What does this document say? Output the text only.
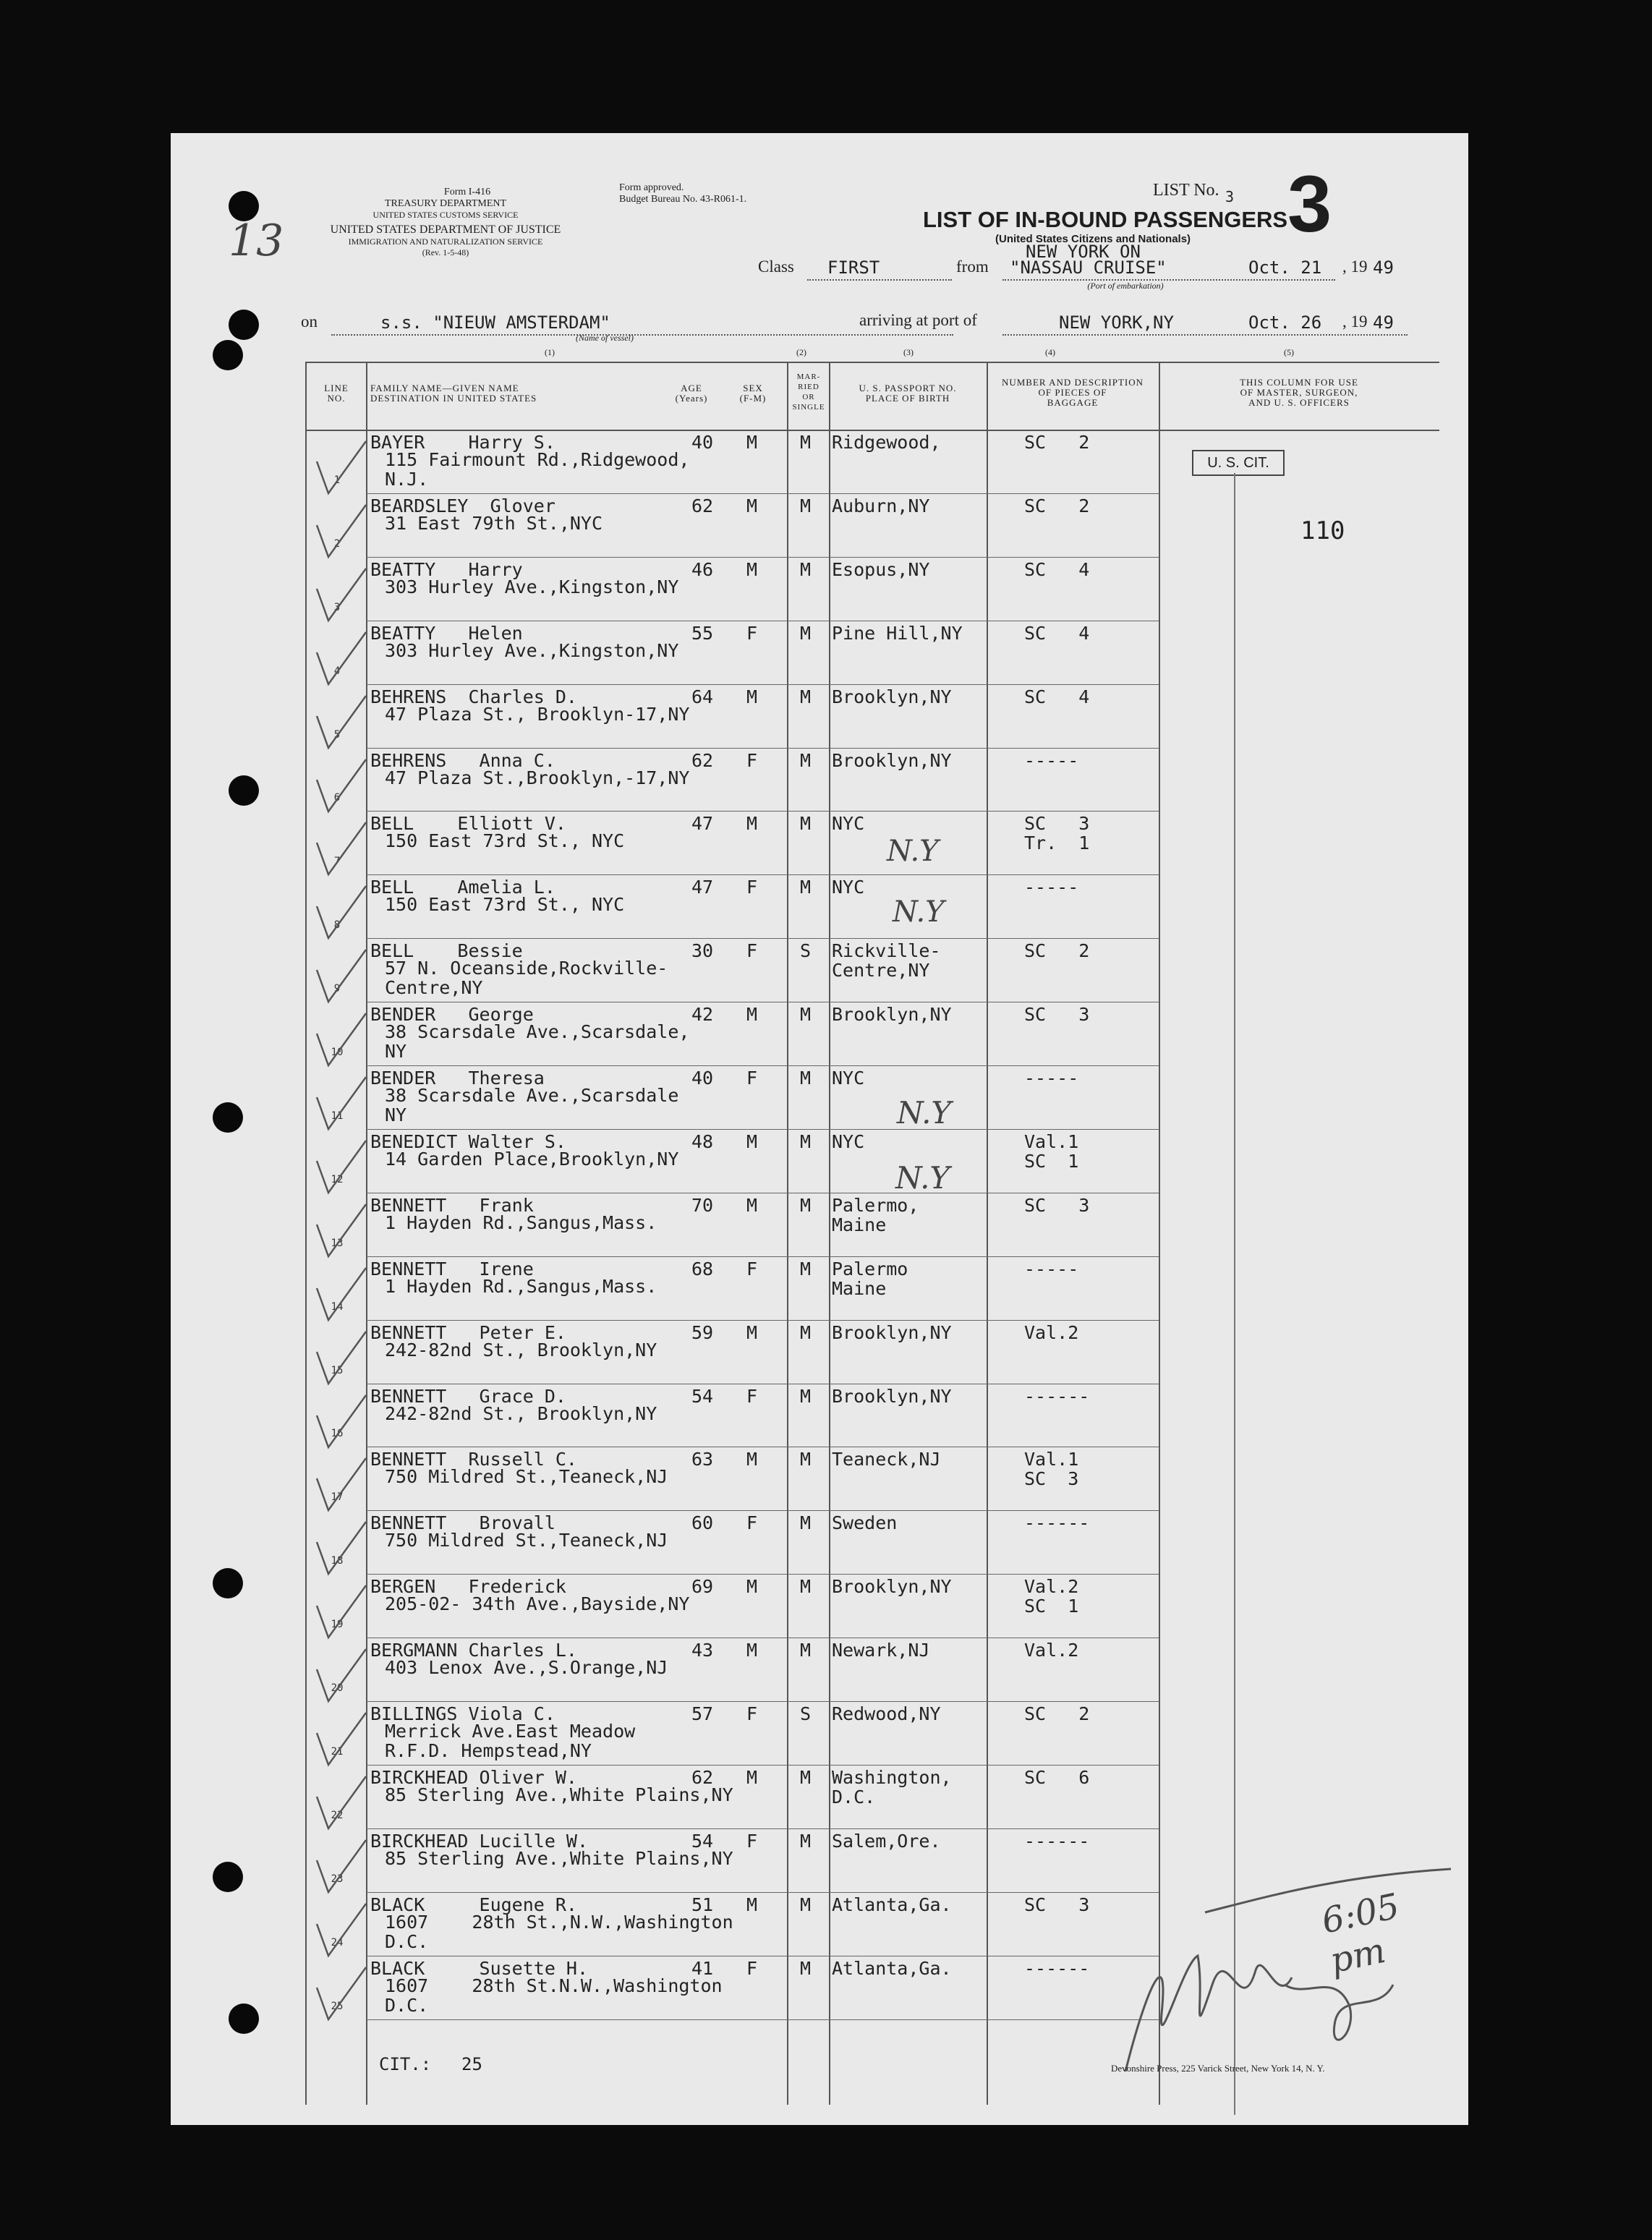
13
Form I-416
TREASURY DEPARTMENT
UNITED STATES CUSTOMS SERVICE
UNITED STATES DEPARTMENT OF JUSTICE
IMMIGRATION AND NATURALIZATION SERVICE
(Rev. 1-5-48)
Form approved.
Budget Bureau No. 43-R061-1.
LIST OF IN-BOUND PASSENGERS
(United States Citizens and Nationals)
LIST No. 3 3
Class FIRST	from
NEW YORK ON
"NASSAU CRUISE"
(Port of embarkation)
Oct. 21 , 19 49
on	s.s. "NIEUW AMSTERDAM"
(Name of vessel)
arriving at port of	NEW YORK,NY	Oct. 26 , 19 49
(1)	(2)	(3)	(4)	(5)
LINE
NO.
FAMILY NAME—GIVEN NAME
DESTINATION IN UNITED STATES
AGE
(Years)
SEX
(F-M)
MAR-
RIED
OR
SINGLE
U. S. PASSPORT NO.
PLACE OF BIRTH
NUMBER AND DESCRIPTION
OF PIECES OF
BAGGAGE
THIS COLUMN FOR USE
OF MASTER, SURGEON,
AND U. S. OFFICERS
1
BAYER    Harry S.
115 Fairmount Rd.,Ridgewood,
N.J.
40 M M Ridgewood,	SC   2
2
BEARDSLEY  Glover
31 East 79th St.,NYC
62 M M Auburn,NY	SC   2
3
BEATTY   Harry
303 Hurley Ave.,Kingston,NY
46 M M Esopus,NY	SC   4
4
BEATTY   Helen
303 Hurley Ave.,Kingston,NY
55 F M Pine Hill,NY	SC   4
5
BEHRENS  Charles D.
47 Plaza St., Brooklyn-17,NY
64 M M Brooklyn,NY	SC   4
6
BEHRENS   Anna C.
47 Plaza St.,Brooklyn,-17,NY
62 F M Brooklyn,NY	-----
7
BELL    Elliott V.
150 East 73rd St., NYC
47 M M NYC	SC   3
Tr.  1
8
BELL    Amelia L.
150 East 73rd St., NYC
47 F M NYC	-----
9
BELL    Bessie
57 N. Oceanside,Rockville-
Centre,NY
30 F S Rickville-
Centre,NY
SC   2
10
BENDER   George
38 Scarsdale Ave.,Scarsdale,
NY
42 M M Brooklyn,NY	SC   3
11
BENDER   Theresa
38 Scarsdale Ave.,Scarsdale
NY
40 F M NYC	-----
12
BENEDICT Walter S.
14 Garden Place,Brooklyn,NY
48 M M NYC	Val.1
SC  1
13
BENNETT   Frank
1 Hayden Rd.,Sangus,Mass.
70 M M Palermo,
Maine
SC   3
14
BENNETT   Irene
1 Hayden Rd.,Sangus,Mass.
68 F M Palermo
Maine
-----
15
BENNETT   Peter E.
242-82nd St., Brooklyn,NY
59 M M Brooklyn,NY	Val.2
16
BENNETT   Grace D.
242-82nd St., Brooklyn,NY
54 F M Brooklyn,NY	------
17
BENNETT  Russell C.
750 Mildred St.,Teaneck,NJ
63 M M Teaneck,NJ	Val.1
SC  3
18
BENNETT   Brovall
750 Mildred St.,Teaneck,NJ
60 F M Sweden	------
19
BERGEN   Frederick
205-02- 34th Ave.,Bayside,NY
69 M M Brooklyn,NY	Val.2
SC  1
20
BERGMANN Charles L.
403 Lenox Ave.,S.Orange,NJ
43 M M Newark,NJ	Val.2
21
BILLINGS Viola C.
Merrick Ave.East Meadow
R.F.D. Hempstead,NY
57 F S Redwood,NY	SC   2
22
BIRCKHEAD Oliver W.
85 Sterling Ave.,White Plains,NY
62 M M Washington,
D.C.
SC   6
23
BIRCKHEAD Lucille W.
85 Sterling Ave.,White Plains,NY
54 F M Salem,Ore.	------
24
BLACK     Eugene R.
1607    28th St.,N.W.,Washington
D.C.
51 M M Atlanta,Ga.	SC   3
25
BLACK     Susette H.
1607    28th St.N.W.,Washington
D.C.
41 F M Atlanta,Ga.	------
U. S. CIT.
110
N.Y
N.Y
N.Y
N.Y
6:05 pm
CIT.: 25	Devonshire Press, 225 Varick Street, New York 14, N. Y.
